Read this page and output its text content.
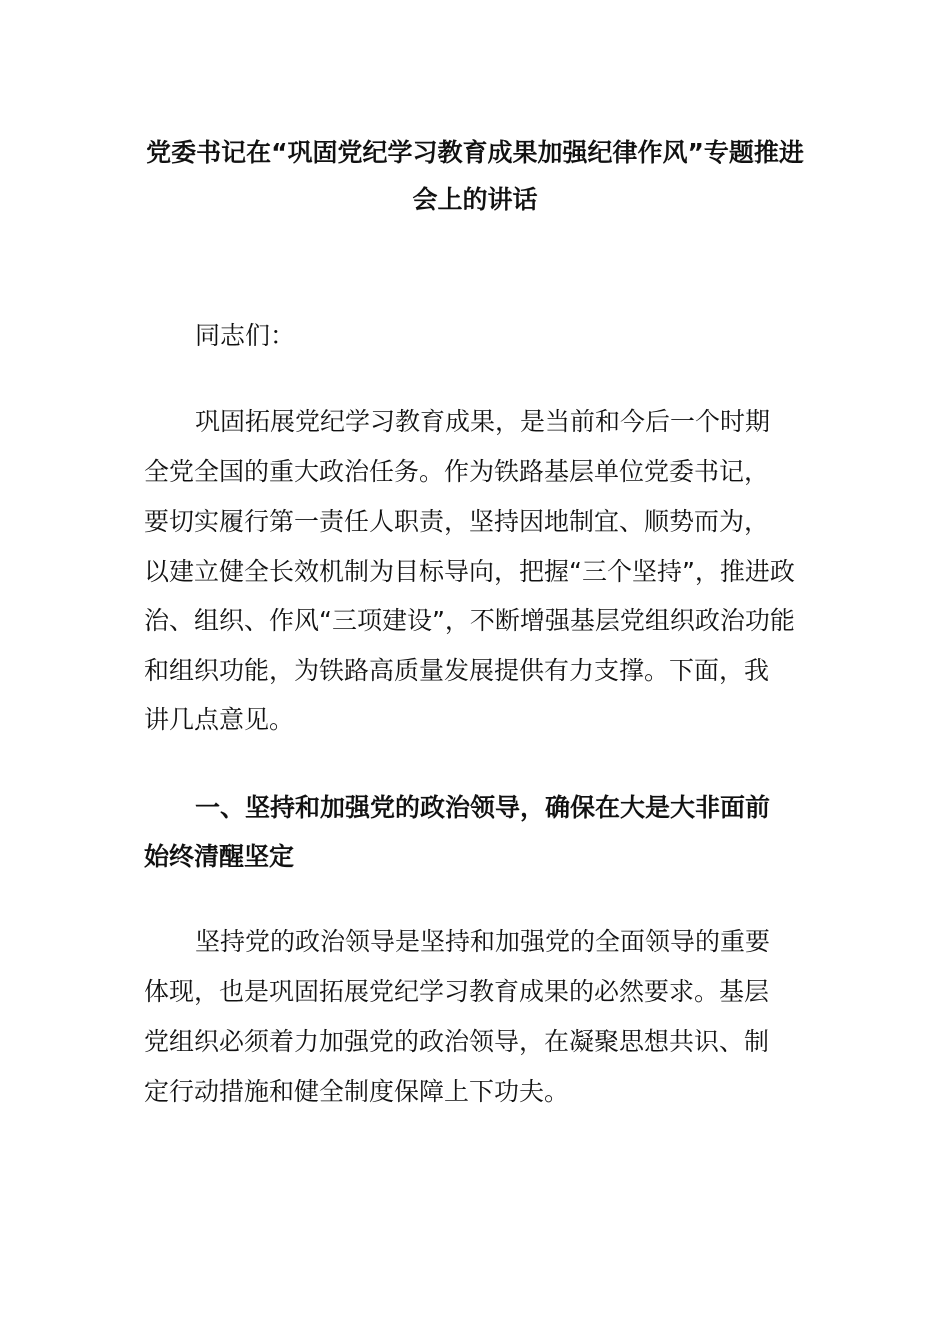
党委书记在“巩固党纪学习教育成果加强纪律作风”专题推进
会上的讲话
同志们：
巩固拓展党纪学习教育成果，是当前和今后一个时期
全党全国的重大政治任务。作为铁路基层单位党委书记，
要切实履行第一责任人职责，坚持因地制宜、顺势而为，
以建立健全长效机制为目标导向，把握“三个坚持”，推进政
治、组织、作风“三项建设”，不断增强基层党组织政治功能
和组织功能，为铁路高质量发展提供有力支撑。下面，我
讲几点意见。
一、坚持和加强党的政治领导，确保在大是大非面前
始终清醒坚定
坚持党的政治领导是坚持和加强党的全面领导的重要
体现，也是巩固拓展党纪学习教育成果的必然要求。基层
党组织必须着力加强党的政治领导，在凝聚思想共识、制
定行动措施和健全制度保障上下功夫。
